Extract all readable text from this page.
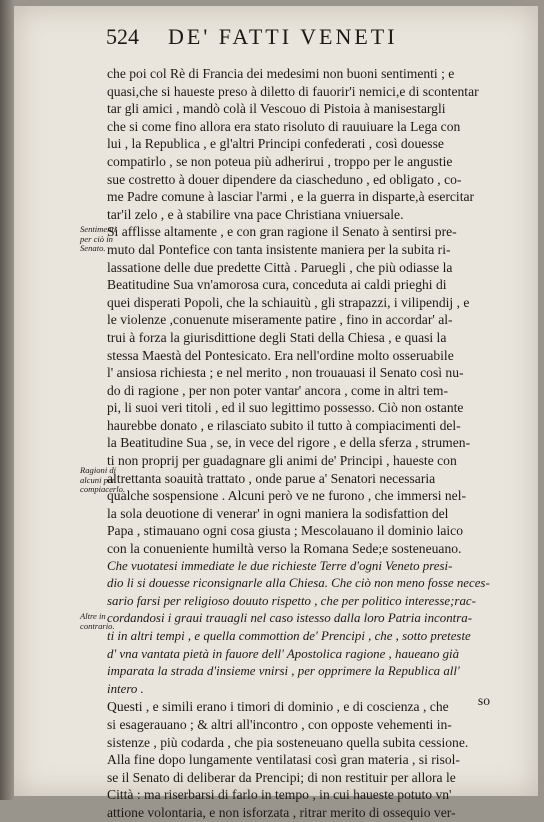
524 DE' FATTI VENETI
Sentimenti per ciò in Senato.
Ragioni di alcuni per compiacerlo.
Altre in contrario.
che poi col Rè di Francia dei medesimi non buoni sentimenti ; e
quasi,che si haueste preso à diletto di fauorir'i nemici,e di scontentar
tar gli amici , mandò colà il Vescouo di Pistoia à manisestargli
che si come fino allora era stato risoluto di rauuiuare la Lega con
lui , la Republica , e gl'altri Principi confederati , così douesse
compatirlo , se non poteua più adherirui , troppo per le angustie
sue costretto à douer dipendere da ciascheduno , ed obligato , co-
me Padre comune à lasciar l'armi , e la guerra in disparte,à esercitar
tar'il zelo , e à stabilire vna pace Christiana vniuersale.
Si afflisse altamente , e con gran ragione il Senato à sentirsi pre-
muto dal Pontefice con tanta insistente maniera per la subita ri-
lassatione delle due predette Città . Paruegli , che più odiasse la
Beatitudine Sua vn'amorosa cura, conceduta ai caldi prieghi di
quei disperati Popoli, che la schiauitù , gli strapazzi, i vilipendij , e
le violenze ,conuenute miseramente patire , fino in accordar' al-
trui à forza la giurisdittione degli Stati della Chiesa , e quasi la
stessa Maestà del Pontesicato. Era nell'ordine molto osseruabile
l' ansiosa richiesta ; e nel merito , non trouauasi il Senato così nu-
do di ragione , per non poter vantar' ancora , come in altri tem-
pi, li suoi veri titoli , ed il suo legittimo possesso. Ciò non ostante
haurebbe donato , e rilasciato subito il tutto à compiacimenti del-
la Beatitudine Sua , se, in vece del rigore , e della sferza , strumen-
ti non proprij per guadagnare gli animi de' Principi , haueste con
altrettanta soauità trattato , onde parue a' Senatori necessaria
qualche sospensione . Alcuni però ve ne furono , che immersi nel-
la sola deuotione di venerar' in ogni maniera la sodisfattion del
Papa , stimauano ogni cosa giusta ; Mescolauano il dominio laico
con la conueniente humiltà verso la Romana Sede;e sosteneuano.
Che vuotatesi immediate le due richieste Terre d'ogni Veneto presi-
dio li si douesse riconsignarle alla Chiesa. Che ciò non meno fosse neces-
sario farsi per religioso douuto rispetto , che per politico interesse;rac-
cordandosi i graui trauagli nel caso istesso dalla loro Patria incontra-
ti in altri tempi , e quella commottion de' Prencipi , che , sotto preteste
d' vna vantata pietà in fauore dell' Apostolica ragione , haueano già
imparata la strada d'insieme vnirsi , per opprimere la Republica all'
intero .
Questi , e simili erano i timori di dominio , e di coscienza , che
si esagerauano ; & altri all'incontro , con opposte vehementi in-
sistenze , più codarda , che pia sosteneuano quella subita cessione.
Alla fine dopo lungamente ventilatasi così gran materia , si risol-
se il Senato di deliberar da Prencipi; di non restituir per allora le
Città : ma riserbarsi di farlo in tempo , in cui haueste potuto vn'
attione volontaria, e non isforzata , ritrar merito di ossequio ver-
so
